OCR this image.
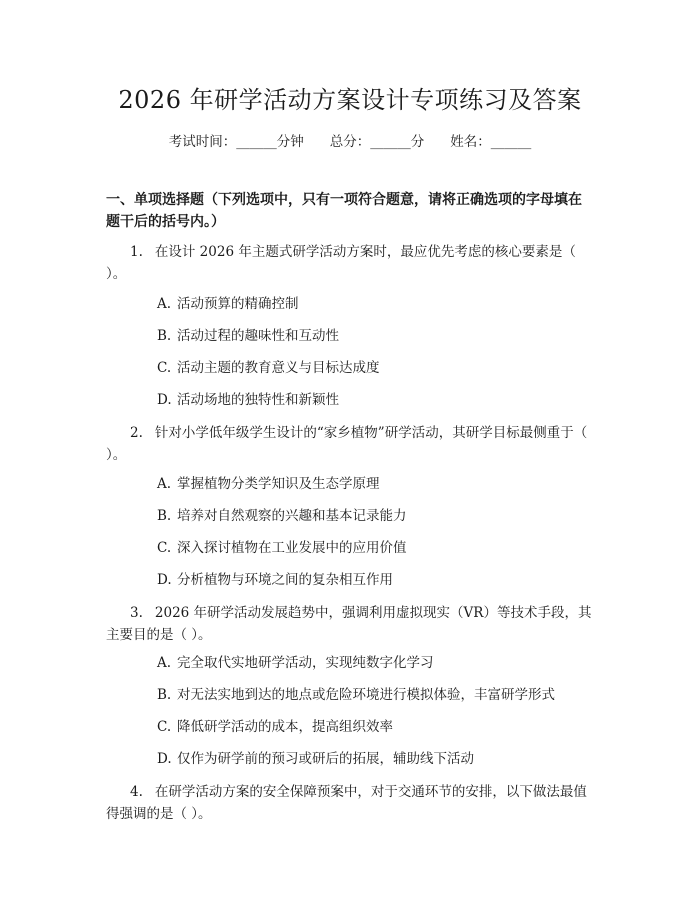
2026 年研学活动方案设计专项练习及答案
考试时间：______分钟 总分：______分 姓名：______
一、单项选择题（下列选项中，只有一项符合题意，请将正确选项的字母填在题干后的括号内。）
1. 在设计 2026 年主题式研学活动方案时，最应优先考虑的核心要素是（ ）。
A. 活动预算的精确控制
B. 活动过程的趣味性和互动性
C. 活动主题的教育意义与目标达成度
D. 活动场地的独特性和新颖性
2. 针对小学低年级学生设计的“家乡植物”研学活动，其研学目标最侧重于（ ）。
A. 掌握植物分类学知识及生态学原理
B. 培养对自然观察的兴趣和基本记录能力
C. 深入探讨植物在工业发展中的应用价值
D. 分析植物与环境之间的复杂相互作用
3. 2026 年研学活动发展趋势中，强调利用虚拟现实（VR）等技术手段，其主要目的是（ ）。
A. 完全取代实地研学活动，实现纯数字化学习
B. 对无法实地到达的地点或危险环境进行模拟体验，丰富研学形式
C. 降低研学活动的成本，提高组织效率
D. 仅作为研学前的预习或研后的拓展，辅助线下活动
4. 在研学活动方案的安全保障预案中，对于交通环节的安排，以下做法最值得强调的是（ ）。
